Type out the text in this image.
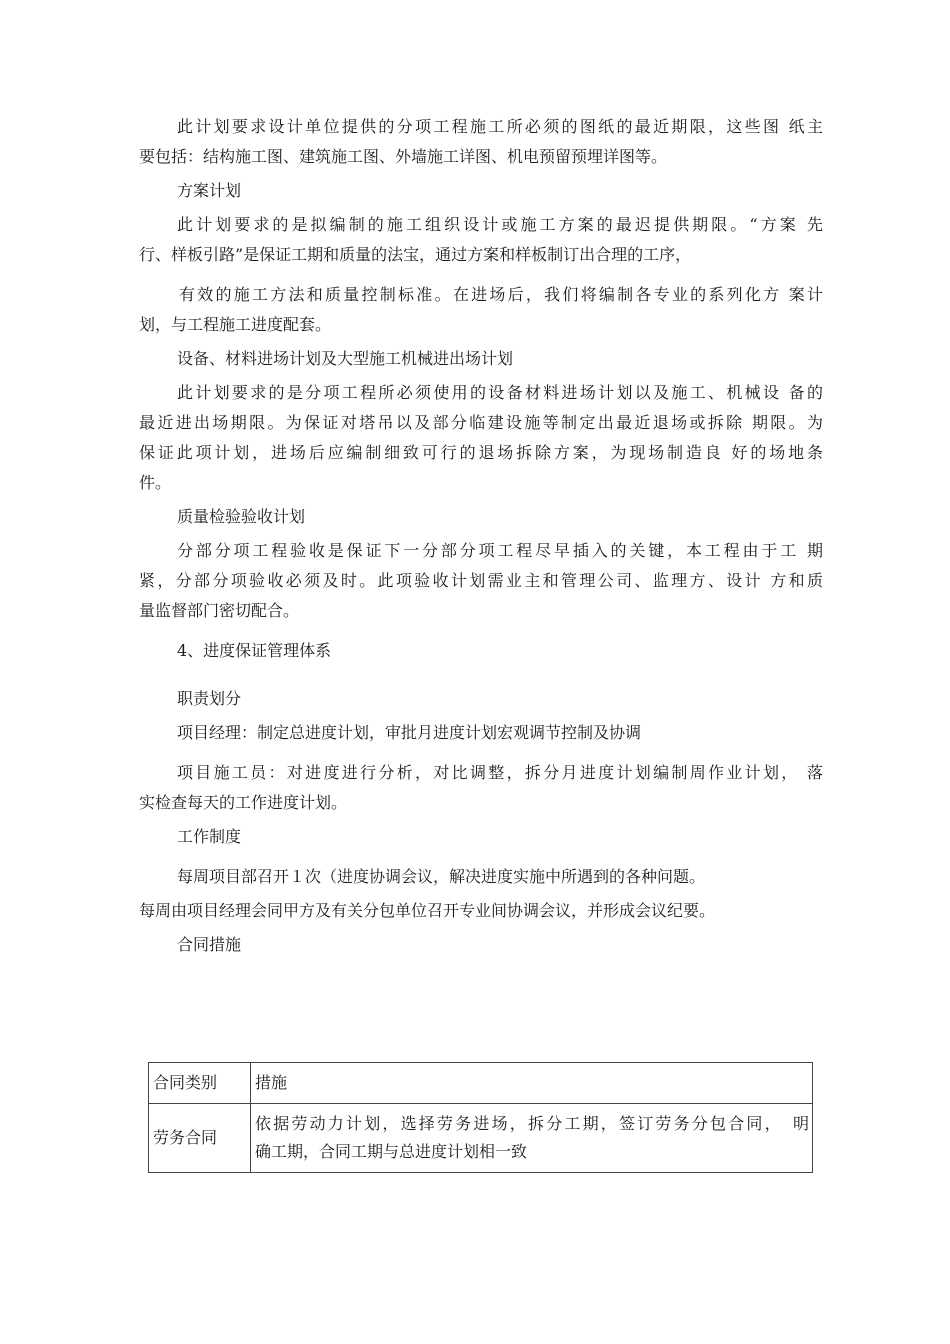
此计划要求设计单位提供的分项工程施工所必须的图纸的最近期限，这些图 纸主
要包括：结构施工图、建筑施工图、外墙施工详图、机电预留预埋详图等。
方案计划
此计划要求的是拟编制的施工组织设计或施工方案的最迟提供期限。“方案 先
行、样板引路”是保证工期和质量的法宝，通过方案和样板制订出合理的工序，
有效的施工方法和质量控制标准。在进场后，我们将编制各专业的系列化方 案计
划，与工程施工进度配套。
设备、材料进场计划及大型施工机械进出场计划
此计划要求的是分项工程所必须使用的设备材料进场计划以及施工、机械设 备的
最近进出场期限。为保证对塔吊以及部分临建设施等制定出最近退场或拆除 期限。为
保证此项计划，进场后应编制细致可行的退场拆除方案，为现场制造良 好的场地条
件。
质量检验验收计划
分部分项工程验收是保证下一分部分项工程尽早插入的关键，本工程由于工 期
紧，分部分项验收必须及时。此项验收计划需业主和管理公司、监理方、设计 方和质
量监督部门密切配合。
4、进度保证管理体系
职责划分
项目经理：制定总进度计划，审批月进度计划宏观调节控制及协调
项目施工员：对进度进行分析，对比调整，拆分月进度计划编制周作业计划， 落
实检查每天的工作进度计划。
工作制度
每周项目部召开１次（进度协调会议，解决进度实施中所遇到的各种问题。
每周由项目经理会同甲方及有关分包单位召开专业间协调会议，并形成会议纪要。
合同措施
合同类别	措施
劳务合同	依据劳动力计划，选择劳务进场，拆分工期，签订劳务分包合同，　明
确工期，合同工期与总进度计划相一致
